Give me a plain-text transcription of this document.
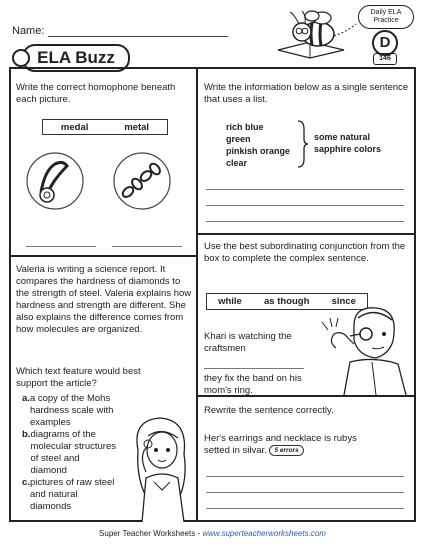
Name:
ELA Buzz
Daily ELA
Practice
D
146
Write the correct homophone beneath each picture.
medal	metal
Write the information below as a single sentence that uses a list.
rich blue
green
pinkish orange
clear
some natural sapphire colors
Valeria is writing a science report. It compares the hardness of diamonds to the strength of steel. Valeria explains how hardness and strength are different. She also explains the difference comes from how molecules are organized.
Which text feature would best support the article?
a. a copy of the Mohs hardness scale with examples
b. diagrams of the molecular structures of steel and diamond
c. pictures of raw steel and natural diamonds
Use the best subordinating conjunction from the box to complete the complex sentence.
while as though since
Khari is watching the craftsmen
they fix the band on his mom's ring.
Rewrite the sentence correctly.
Her's earrings and necklace is rubys setted in silvar. 5 errors
Super Teacher Worksheets - www.superteacherworksheets.com
